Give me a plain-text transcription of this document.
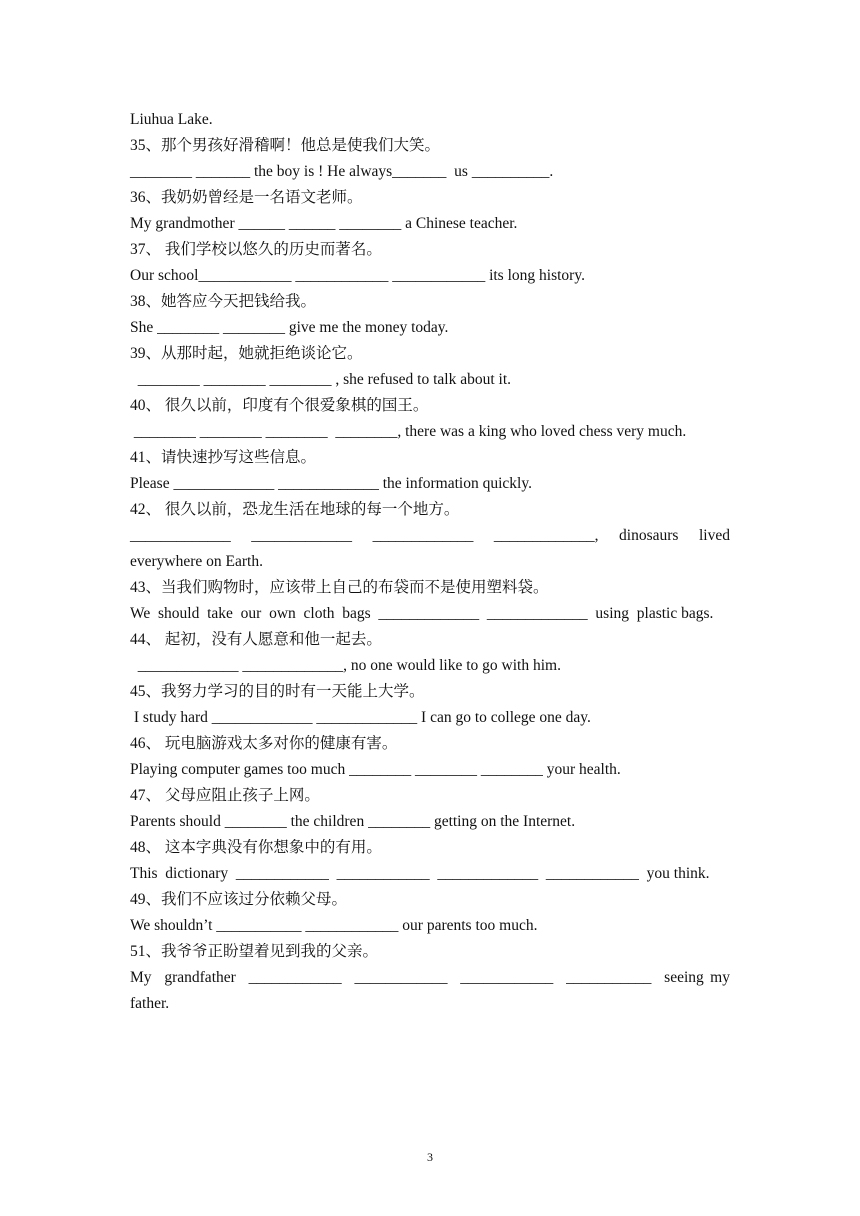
Liuhua Lake.
35、那个男孩好滑稽啊！他总是使我们大笑。
________ _______ the boy is ! He always_______  us __________.
36、我奶奶曾经是一名语文老师。
My grandmother ______ ______ ________ a Chinese teacher.
37、 我们学校以悠久的历史而著名。
Our school____________ ____________ ____________ its long history.
38、她答应今天把钱给我。
She ________ ________ give me the money today.
39、从那时起，她就拒绝谈论它。
________ ________ ________ , she refused to talk about it.
40、 很久以前，印度有个很爱象棋的国王。
________ ________ ________  ________, there was a king who loved chess very much.
41、请快速抄写这些信息。
Please _____________ _____________ the information quickly.
42、 很久以前，恐龙生活在地球的每一个地方。
_____________  _____________  _____________  _____________,  dinosaurs  lived everywhere on Earth.
43、当我们购物时，应该带上自己的布袋而不是使用塑料袋。
We  should  take  our  own  cloth  bags  _____________  _____________  using  plastic bags.
44、 起初，没有人愿意和他一起去。
_____________ _____________, no one would like to go with him.
45、我努力学习的目的时有一天能上大学。
I study hard _____________ _____________ I can go to college one day.
46、 玩电脑游戏太多对你的健康有害。
Playing computer games too much ________ ________ ________ your health.
47、 父母应阻止孩子上网。
Parents should ________ the children ________ getting on the Internet.
48、 这本字典没有你想象中的有用。
This  dictionary  ____________  ____________  _____________  ____________  you think.
49、我们不应该过分依赖父母。
We shouldn’t ___________ ____________ our parents too much.
51、我爷爷正盼望着见到我的父亲。
My  grandfather  ____________  ____________  ____________  ___________  seeing my father.
3
